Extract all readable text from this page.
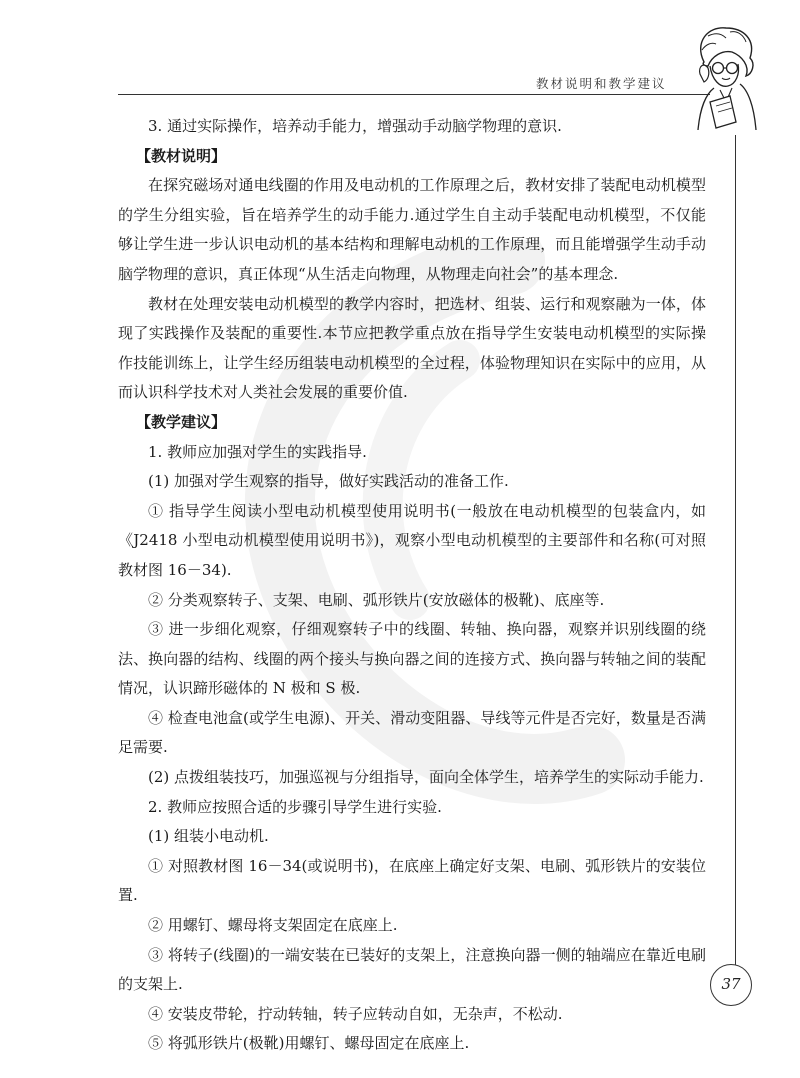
教材说明和教学建议

3. 通过实际操作，培养动手能力，增强动手动脑学物理的意识.

【教材说明】

在探究磁场对通电线圈的作用及电动机的工作原理之后，教材安排了装配电动机模型的学生分组实验，旨在培养学生的动手能力.通过学生自主动手装配电动机模型，不仅能够让学生进一步认识电动机的基本结构和理解电动机的工作原理，而且能增强学生动手动脑学物理的意识，真正体现“从生活走向物理，从物理走向社会”的基本理念.

教材在处理安装电动机模型的教学内容时，把选材、组装、运行和观察融为一体，体现了实践操作及装配的重要性.本节应把教学重点放在指导学生安装电动机模型的实际操作技能训练上，让学生经历组装电动机模型的全过程，体验物理知识在实际中的应用，从而认识科学技术对人类社会发展的重要价值.

【教学建议】

1. 教师应加强对学生的实践指导.

(1) 加强对学生观察的指导，做好实践活动的准备工作.

① 指导学生阅读小型电动机模型使用说明书(一般放在电动机模型的包装盒内，如《J2418 小型电动机模型使用说明书》)，观察小型电动机模型的主要部件和名称(可对照教材图 16－34).

② 分类观察转子、支架、电刷、弧形铁片(安放磁体的极靴)、底座等.

③ 进一步细化观察，仔细观察转子中的线圈、转轴、换向器，观察并识别线圈的绕法、换向器的结构、线圈的两个接头与换向器之间的连接方式、换向器与转轴之间的装配情况，认识蹄形磁体的 N 极和 S 极.

④ 检查电池盒(或学生电源)、开关、滑动变阻器、导线等元件是否完好，数量是否满足需要.

(2) 点拨组装技巧，加强巡视与分组指导，面向全体学生，培养学生的实际动手能力.

2. 教师应按照合适的步骤引导学生进行实验.

(1) 组装小电动机.

① 对照教材图 16－34(或说明书)，在底座上确定好支架、电刷、弧形铁片的安装位置.

② 用螺钉、螺母将支架固定在底座上.

③ 将转子(线圈)的一端安装在已装好的支架上，注意换向器一侧的轴端应在靠近电刷的支架上.

④ 安装皮带轮，拧动转轴，转子应转动自如，无杂声，不松动.

⑤ 将弧形铁片(极靴)用螺钉、螺母固定在底座上.

37
